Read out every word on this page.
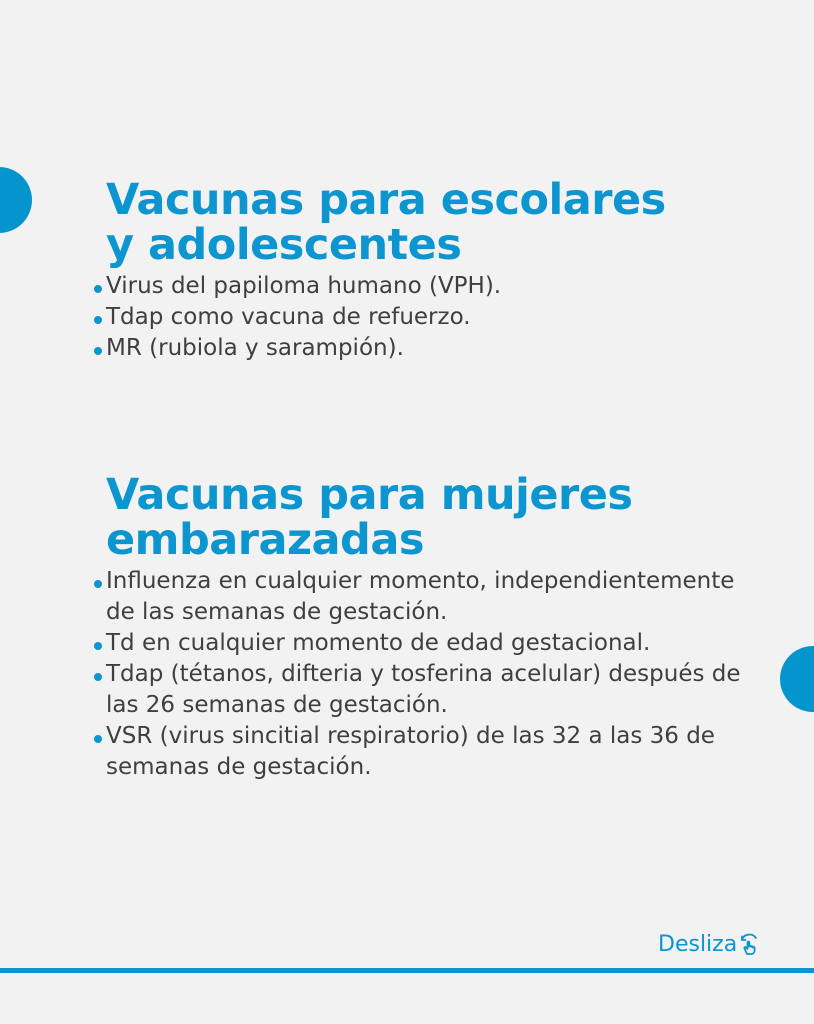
Vacunas para escolares
y adolescentes
Virus del papiloma humano (VPH).
Tdap como vacuna de refuerzo.
MR (rubiola y sarampión).
Vacunas para mujeres
embarazadas
Influenza en cualquier momento, independientemente de las semanas de gestación.
Td en cualquier momento de edad gestacional.
Tdap (tétanos, difteria y tosferina acelular) después de las 26 semanas de gestación.
VSR (virus sincitial respiratorio) de las 32 a las 36 de semanas de gestación.
Desliza
